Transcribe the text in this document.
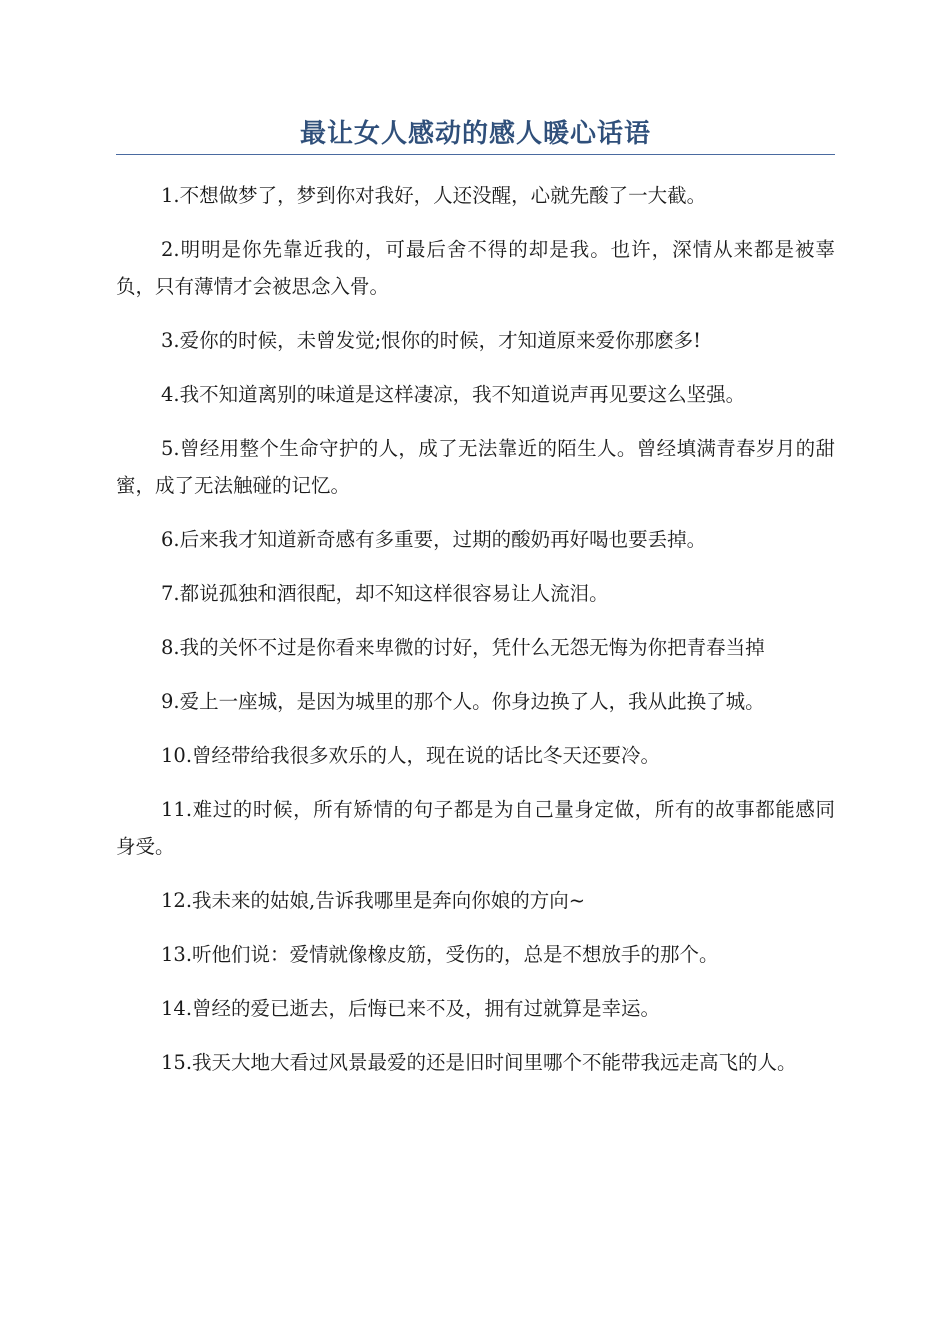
最让女人感动的感人暖心话语

1.不想做梦了，梦到你对我好，人还没醒，心就先酸了一大截。

2.明明是你先靠近我的，可最后舍不得的却是我。也许，深情从来都是被辜负，只有薄情才会被思念入骨。

3.爱你的时候，未曾发觉;恨你的时候，才知道原来爱你那麽多!

4.我不知道离别的味道是这样凄凉，我不知道说声再见要这么坚强。

5.曾经用整个生命守护的人，成了无法靠近的陌生人。曾经填满青春岁月的甜蜜，成了无法触碰的记忆。

6.后来我才知道新奇感有多重要，过期的酸奶再好喝也要丢掉。

7.都说孤独和酒很配，却不知这样很容易让人流泪。

8.我的关怀不过是你看来卑微的讨好，凭什么无怨无悔为你把青春当掉

9.爱上一座城，是因为城里的那个人。你身边换了人，我从此换了城。

10.曾经带给我很多欢乐的人，现在说的话比冬天还要冷。

11.难过的时候，所有矫情的句子都是为自己量身定做，所有的故事都能感同身受。

12.我未来的姑娘,告诉我哪里是奔向你娘的方向~

13.听他们说：爱情就像橡皮筋，受伤的，总是不想放手的那个。

14.曾经的爱已逝去，后悔已来不及，拥有过就算是幸运。

15.我天大地大看过风景最爱的还是旧时间里哪个不能带我远走高飞的人。
